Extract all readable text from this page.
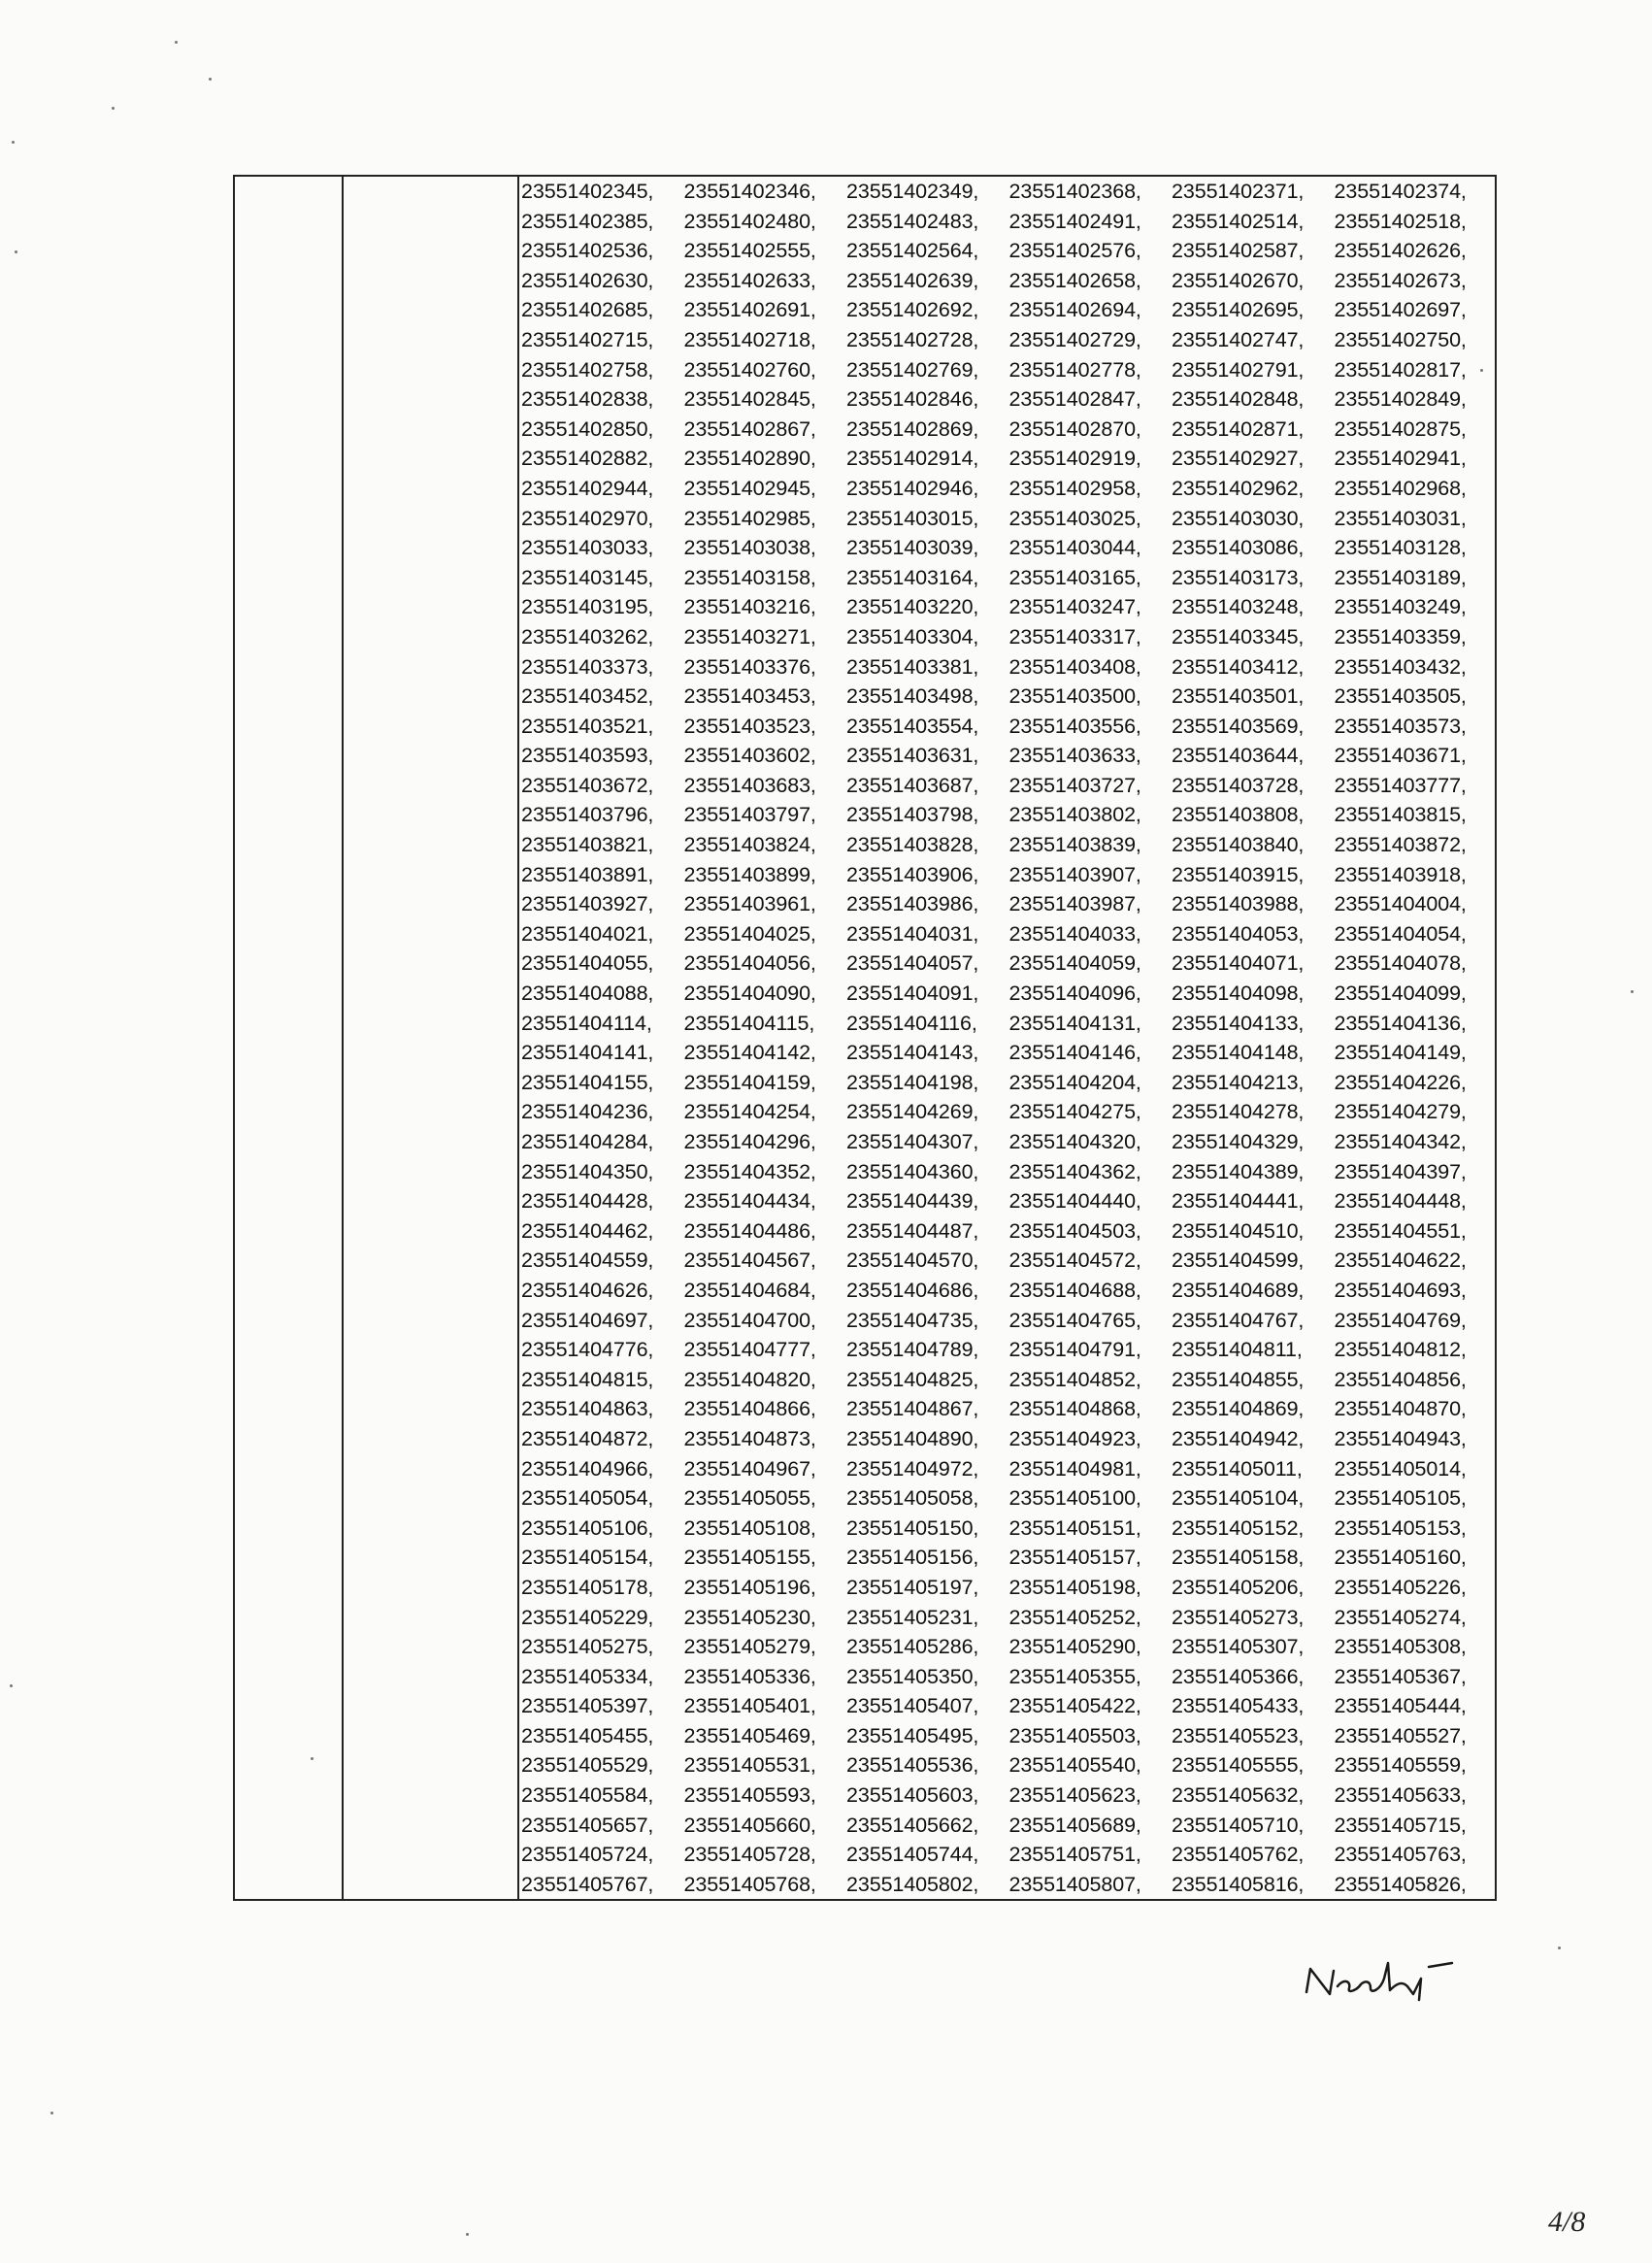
23551402345,	23551402346,	23551402349,	23551402368,	23551402371,	23551402374,
23551402385,	23551402480,	23551402483,	23551402491,	23551402514,	23551402518,
23551402536,	23551402555,	23551402564,	23551402576,	23551402587,	23551402626,
23551402630,	23551402633,	23551402639,	23551402658,	23551402670,	23551402673,
23551402685,	23551402691,	23551402692,	23551402694,	23551402695,	23551402697,
23551402715,	23551402718,	23551402728,	23551402729,	23551402747,	23551402750,
23551402758,	23551402760,	23551402769,	23551402778,	23551402791,	23551402817,
23551402838,	23551402845,	23551402846,	23551402847,	23551402848,	23551402849,
23551402850,	23551402867,	23551402869,	23551402870,	23551402871,	23551402875,
23551402882,	23551402890,	23551402914,	23551402919,	23551402927,	23551402941,
23551402944,	23551402945,	23551402946,	23551402958,	23551402962,	23551402968,
23551402970,	23551402985,	23551403015,	23551403025,	23551403030,	23551403031,
23551403033,	23551403038,	23551403039,	23551403044,	23551403086,	23551403128,
23551403145,	23551403158,	23551403164,	23551403165,	23551403173,	23551403189,
23551403195,	23551403216,	23551403220,	23551403247,	23551403248,	23551403249,
23551403262,	23551403271,	23551403304,	23551403317,	23551403345,	23551403359,
23551403373,	23551403376,	23551403381,	23551403408,	23551403412,	23551403432,
23551403452,	23551403453,	23551403498,	23551403500,	23551403501,	23551403505,
23551403521,	23551403523,	23551403554,	23551403556,	23551403569,	23551403573,
23551403593,	23551403602,	23551403631,	23551403633,	23551403644,	23551403671,
23551403672,	23551403683,	23551403687,	23551403727,	23551403728,	23551403777,
23551403796,	23551403797,	23551403798,	23551403802,	23551403808,	23551403815,
23551403821,	23551403824,	23551403828,	23551403839,	23551403840,	23551403872,
23551403891,	23551403899,	23551403906,	23551403907,	23551403915,	23551403918,
23551403927,	23551403961,	23551403986,	23551403987,	23551403988,	23551404004,
23551404021,	23551404025,	23551404031,	23551404033,	23551404053,	23551404054,
23551404055,	23551404056,	23551404057,	23551404059,	23551404071,	23551404078,
23551404088,	23551404090,	23551404091,	23551404096,	23551404098,	23551404099,
23551404114,	23551404115,	23551404116,	23551404131,	23551404133,	23551404136,
23551404141,	23551404142,	23551404143,	23551404146,	23551404148,	23551404149,
23551404155,	23551404159,	23551404198,	23551404204,	23551404213,	23551404226,
23551404236,	23551404254,	23551404269,	23551404275,	23551404278,	23551404279,
23551404284,	23551404296,	23551404307,	23551404320,	23551404329,	23551404342,
23551404350,	23551404352,	23551404360,	23551404362,	23551404389,	23551404397,
23551404428,	23551404434,	23551404439,	23551404440,	23551404441,	23551404448,
23551404462,	23551404486,	23551404487,	23551404503,	23551404510,	23551404551,
23551404559,	23551404567,	23551404570,	23551404572,	23551404599,	23551404622,
23551404626,	23551404684,	23551404686,	23551404688,	23551404689,	23551404693,
23551404697,	23551404700,	23551404735,	23551404765,	23551404767,	23551404769,
23551404776,	23551404777,	23551404789,	23551404791,	23551404811,	23551404812,
23551404815,	23551404820,	23551404825,	23551404852,	23551404855,	23551404856,
23551404863,	23551404866,	23551404867,	23551404868,	23551404869,	23551404870,
23551404872,	23551404873,	23551404890,	23551404923,	23551404942,	23551404943,
23551404966,	23551404967,	23551404972,	23551404981,	23551405011,	23551405014,
23551405054,	23551405055,	23551405058,	23551405100,	23551405104,	23551405105,
23551405106,	23551405108,	23551405150,	23551405151,	23551405152,	23551405153,
23551405154,	23551405155,	23551405156,	23551405157,	23551405158,	23551405160,
23551405178,	23551405196,	23551405197,	23551405198,	23551405206,	23551405226,
23551405229,	23551405230,	23551405231,	23551405252,	23551405273,	23551405274,
23551405275,	23551405279,	23551405286,	23551405290,	23551405307,	23551405308,
23551405334,	23551405336,	23551405350,	23551405355,	23551405366,	23551405367,
23551405397,	23551405401,	23551405407,	23551405422,	23551405433,	23551405444,
23551405455,	23551405469,	23551405495,	23551405503,	23551405523,	23551405527,
23551405529,	23551405531,	23551405536,	23551405540,	23551405555,	23551405559,
23551405584,	23551405593,	23551405603,	23551405623,	23551405632,	23551405633,
23551405657,	23551405660,	23551405662,	23551405689,	23551405710,	23551405715,
23551405724,	23551405728,	23551405744,	23551405751,	23551405762,	23551405763,
23551405767,	23551405768,	23551405802,	23551405807,	23551405816,	23551405826,
4/8
